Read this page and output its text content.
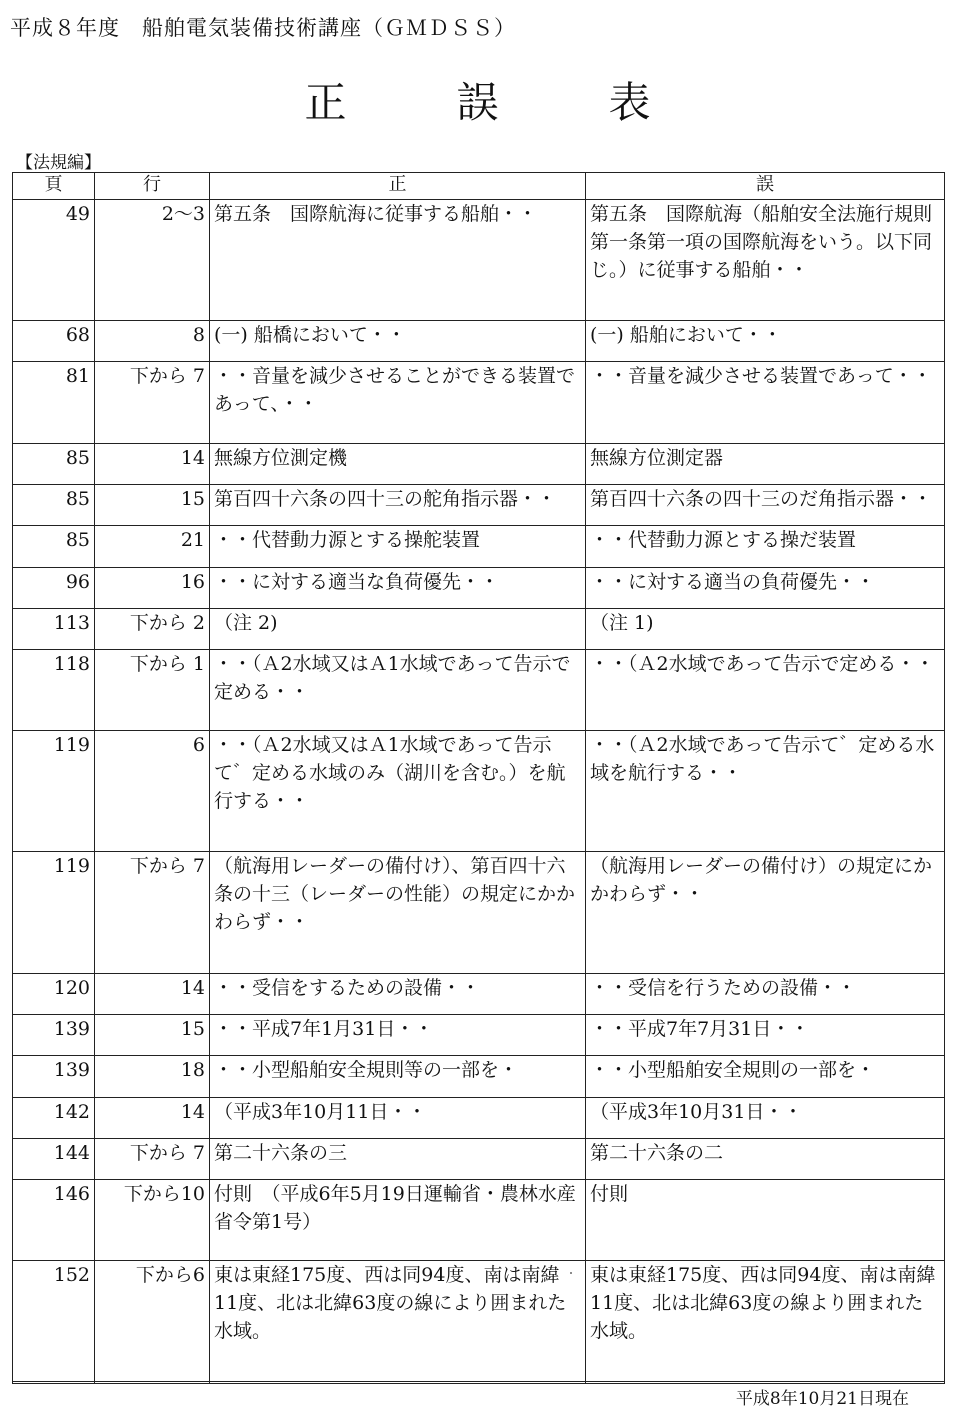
平成８年度　船舶電気装備技術講座（ＧＭＤＳＳ）
正　誤　表
【法規編】
頁	行	正	誤
49	2〜3	第五条　国際航海に従事する船舶・・	第五条　国際航海（船舶安全法施行規則第一条第一項の国際航海をいう。以下同じ。）に従事する船舶・・
68	8	(一) 船橋において・・	(一) 船舶において・・
81	下から 7	・・音量を減少させることができる装置であって、・・	・・音量を減少させる装置であって・・
85	14	無線方位測定機	無線方位測定器
85	15	第百四十六条の四十三の舵角指示器・・	第百四十六条の四十三のだ角指示器・・
85	21	・・代替動力源とする操舵装置	・・代替動力源とする操だ装置
96	16	・・に対する適当な負荷優先・・	・・に対する適当の負荷優先・・
113	下から 2	（注 2)	（注 1)
118	下から 1	・・（Ａ2水域又はＡ1水域であって告示で定める・・	・・（Ａ2水域であって告示で定める・・
119	6	・・（Ａ2水域又はＡ1水域であって告示て゛定める水域のみ（湖川を含む。）を航行する・・	・・（Ａ2水域であって告示て゛定める水域を航行する・・
119	下から 7	（航海用レーダーの備付け）、第百四十六条の十三（レーダーの性能）の規定にかかわらず・・	（航海用レーダーの備付け）の規定にかかわらず・・
120	14	・・受信をするための設備・・	・・受信を行うための設備・・
139	15	・・平成7年1月31日・・	・・平成7年7月31日・・
139	18	・・小型船舶安全規則等の一部を・	・・小型船舶安全規則の一部を・
142	14	（平成3年10月11日・・	（平成3年10月31日・・
144	下から 7	第二十六条の三	第二十六条の二
146	下から10	付則　（平成6年5月19日運輸省・農林水産省令第1号）	付則
152	下から6	東は東経175度、西は同94度、南は南緯11度、北は北緯63度の線により囲まれた水域。	東は東経175度、西は同94度、南は南緯11度、北は北緯63度の線より囲まれた水域。

平成8年10月21日現在
